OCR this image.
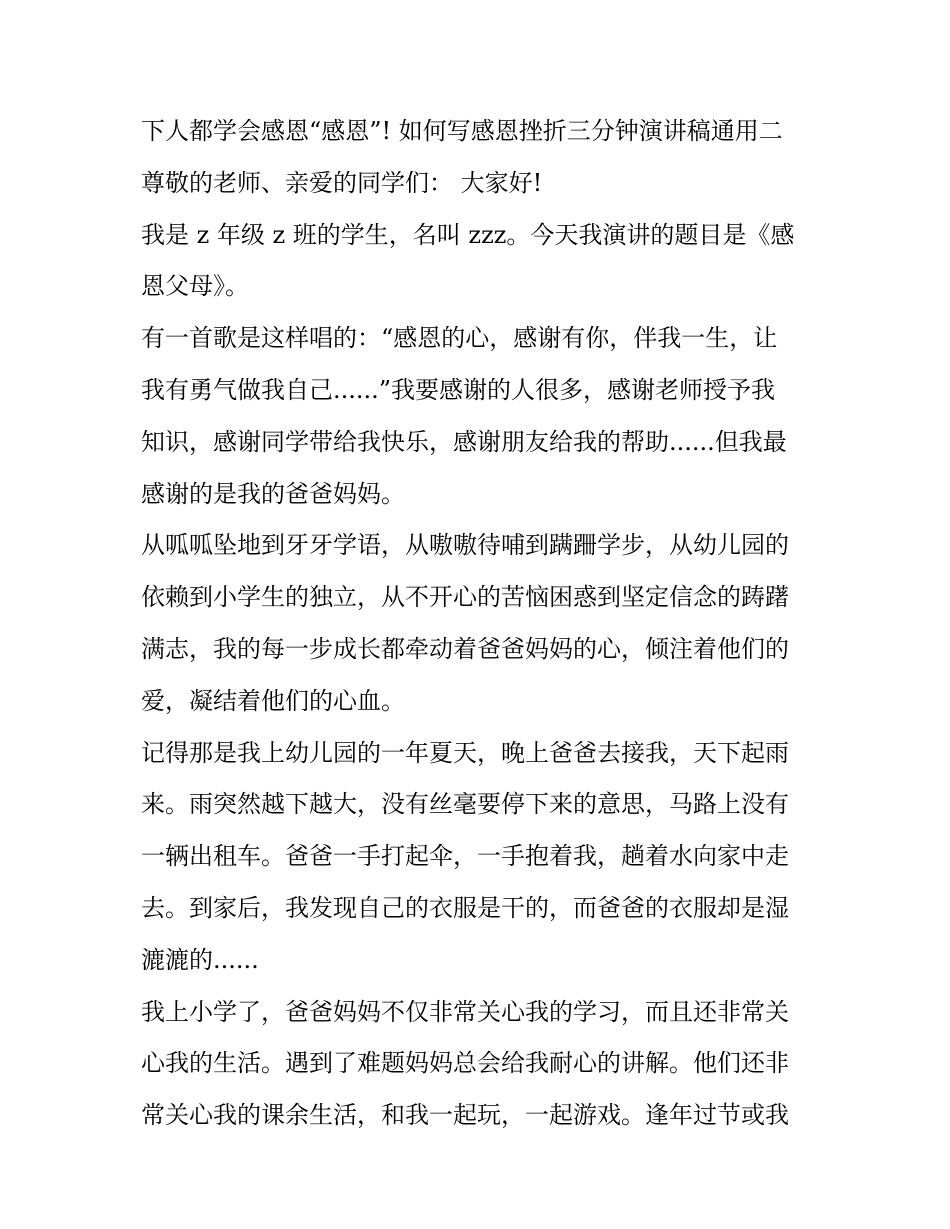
下人都学会感恩“感恩”! 如何写感恩挫折三分钟演讲稿通用二
尊敬的老师、亲爱的同学们： 大家好!
我是 z 年级 z 班的学生，名叫 zzz。今天我演讲的题目是《感
恩父母》。
有一首歌是这样唱的：“感恩的心，感谢有你，伴我一生，让
我有勇气做我自己......”我要感谢的人很多，感谢老师授予我
知识，感谢同学带给我快乐，感谢朋友给我的帮助......但我最
感谢的是我的爸爸妈妈。
从呱呱坠地到牙牙学语，从嗷嗷待哺到蹒跚学步，从幼儿园的
依赖到小学生的独立，从不开心的苦恼困惑到坚定信念的踌躇
满志，我的每一步成长都牵动着爸爸妈妈的心，倾注着他们的
爱，凝结着他们的心血。
记得那是我上幼儿园的一年夏天，晚上爸爸去接我，天下起雨
来。雨突然越下越大，没有丝毫要停下来的意思，马路上没有
一辆出租车。爸爸一手打起伞，一手抱着我，趟着水向家中走
去。到家后，我发现自己的衣服是干的，而爸爸的衣服却是湿
漉漉的......
我上小学了，爸爸妈妈不仅非常关心我的学习，而且还非常关
心我的生活。遇到了难题妈妈总会给我耐心的讲解。他们还非
常关心我的课余生活，和我一起玩，一起游戏。逢年过节或我
